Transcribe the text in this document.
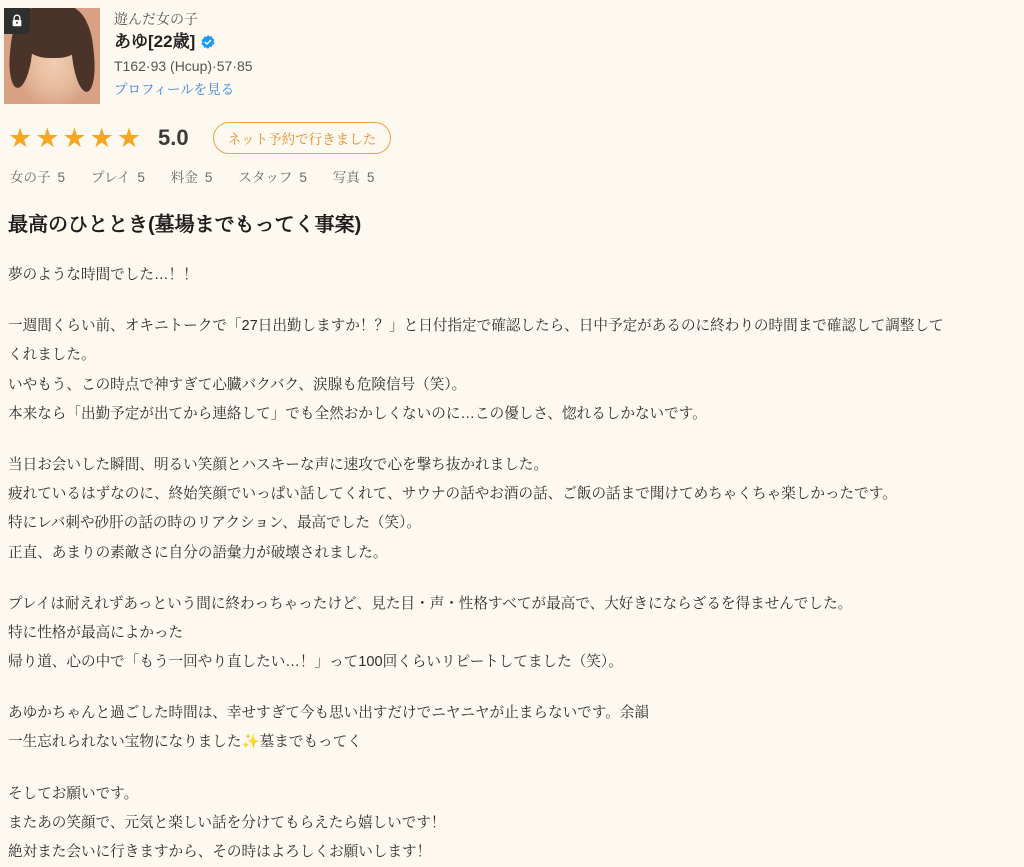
遊んだ女の子
あゆ[22歳]
T162·93 (Hcup)·57·85
プロフィールを見る
★★★★★ 5.0	ネット予約で行きました
女の子 5 プレイ 5 料金 5 スタッフ 5 写真 5
最高のひととき(墓場までもってく事案)

夢のような時間でした…！！

一週間くらい前、オキニトークで「27日出勤しますか！？」と日付指定で確認したら、日中予定があるのに終わりの時間まで確認して調整して

くれました。

いやもう、この時点で神すぎて心臓バクバク、涙腺も危険信号（笑）。

本来なら「出勤予定が出てから連絡して」でも全然おかしくないのに…この優しさ、惚れるしかないです。

当日お会いした瞬間、明るい笑顔とハスキーな声に速攻で心を撃ち抜かれました。

疲れているはずなのに、終始笑顔でいっぱい話してくれて、サウナの話やお酒の話、ご飯の話まで聞けてめちゃくちゃ楽しかったです。

特にレバ刺や砂肝の話の時のリアクション、最高でした（笑）。

正直、あまりの素敵さに自分の語彙力が破壊されました。

プレイは耐えれずあっという間に終わっちゃったけど、見た目・声・性格すべてが最高で、大好きにならざるを得ませんでした。

特に性格が最高によかった

帰り道、心の中で「もう一回やり直したい…！」って100回くらいリピートしてました（笑）。

あゆかちゃんと過ごした時間は、幸せすぎて今も思い出すだけでニヤニヤが止まらないです。余韻

一生忘れられない宝物になりました✨墓までもってく

そしてお願いです。

またあの笑顔で、元気と楽しい話を分けてもらえたら嬉しいです！

絶対また会いに行きますから、その時はよろしくお願いします！
